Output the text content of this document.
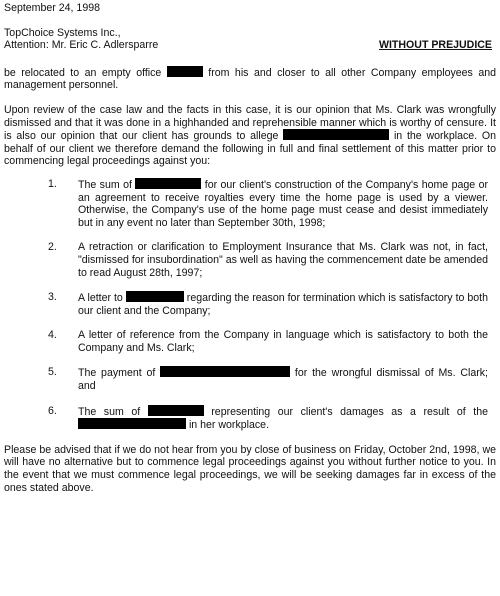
September 24, 1998
TopChoice Systems Inc.,
Attention: Mr. Eric C. Adlersparre	WITHOUT PREJUDICE

be relocated to an empty office	from his and closer to all other Company employees and management personnel.

Upon review of the case law and the facts in this case, it is our opinion that Ms. Clark was wrongfully dismissed and that it was done in a highhanded and reprehensible manner which is worthy of censure. It is also our opinion that our client has grounds to allege	in the workplace. On behalf of our client we therefore demand the following in full and final settlement of this matter prior to commencing legal proceedings against you:

1.	The sum of	for our client's construction of the Company's home page or an agreement to receive royalties every time the home page is used by a viewer. Otherwise, the Company's use of the home page must cease and desist immediately but in any event no later than September 30th, 1998;
2.	A retraction or clarification to Employment Insurance that Ms. Clark was not, in fact, "dismissed for insubordination" as well as having the commencement date be amended to read August 28th, 1997;
3.	A letter to	regarding the reason for termination which is satisfactory to both our client and the Company;
4.	A letter of reference from the Company in language which is satisfactory to both the Company and Ms. Clark;
5.	The payment of	for the wrongful dismissal of Ms. Clark; and
6.	The sum of	representing our client's damages as a result of the  in her workplace.

Please be advised that if we do not hear from you by close of business on Friday, October 2nd, 1998, we will have no alternative but to commence legal proceedings against you without further notice to you. In the event that we must commence legal proceedings, we will be seeking damages far in excess of the ones stated above.
